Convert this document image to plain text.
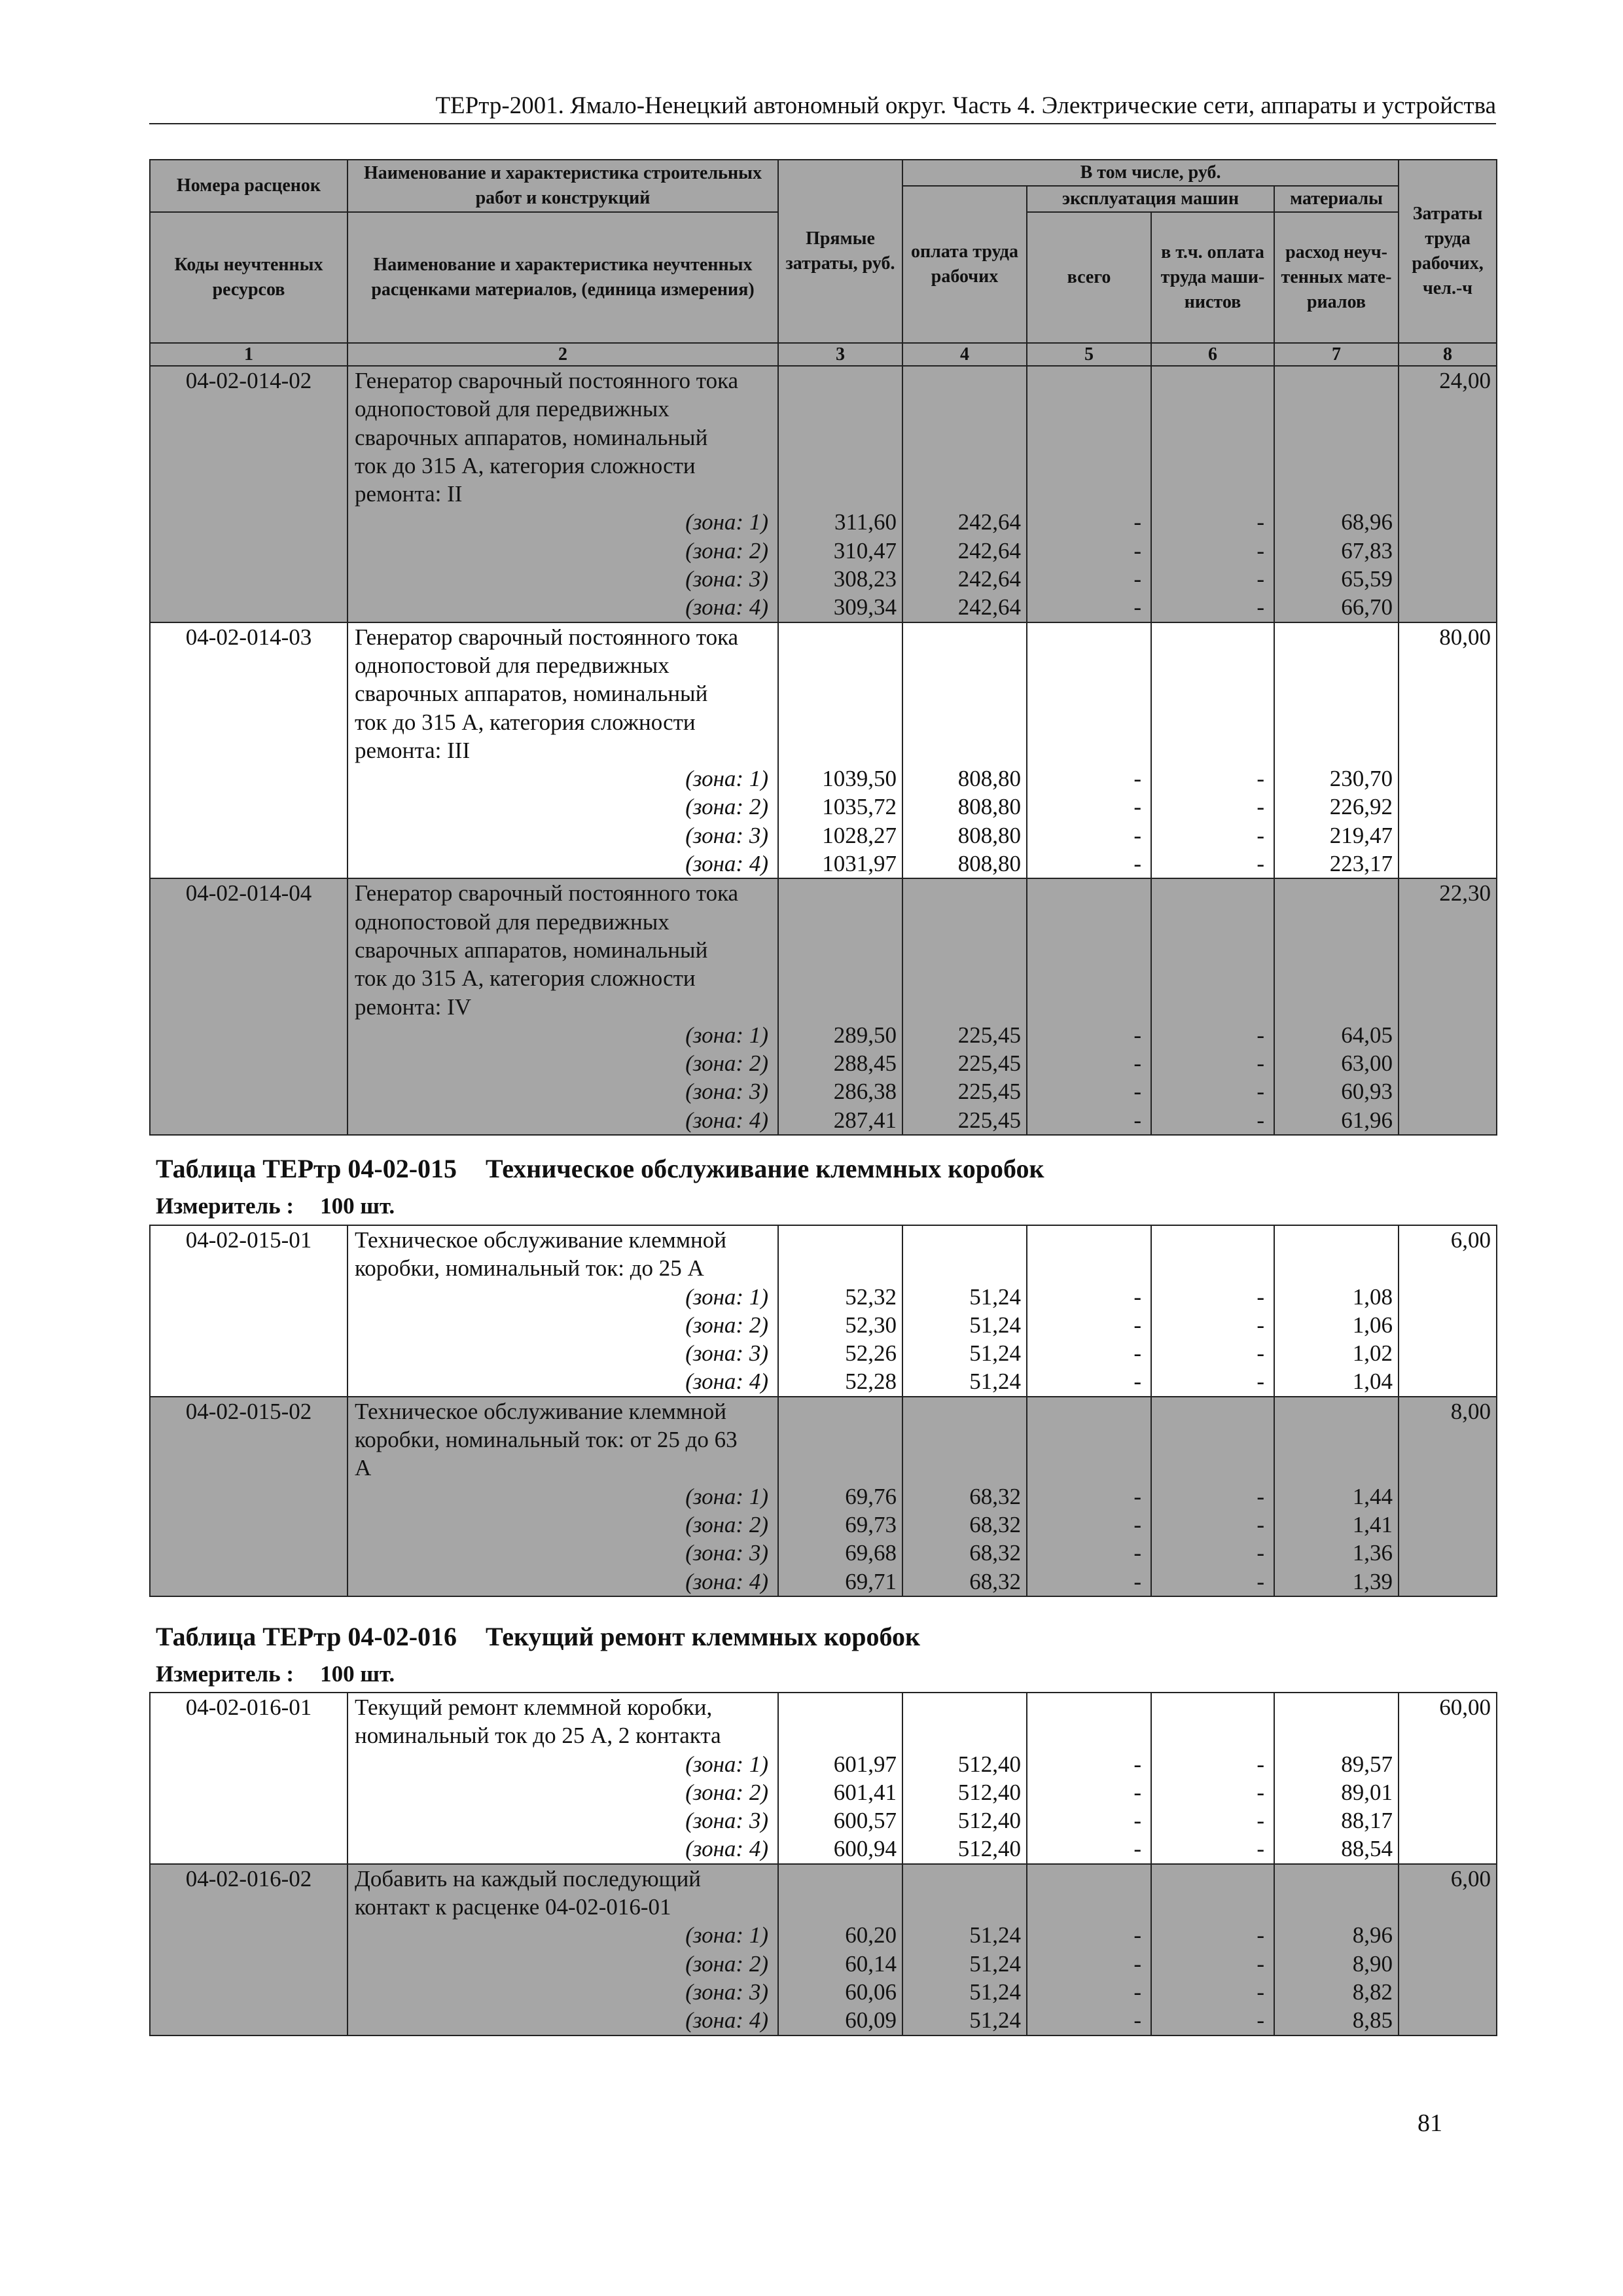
ТЕРтр-2001. Ямало-Ненецкий автономный округ. Часть 4. Электрические сети, аппараты и устройства
Номера расценок	Наименование и характеристика строительных работ и конструкций	Прямые затраты, руб.	В том числе, руб.				Затраты труда рабочих, чел.-ч
			оплата труда рабочих	эксплуатация машин		материалы	
Коды неучтенных ресурсов	Наименование и характеристика неучтенных расценками материалов, (единица измерения)			всего	в т.ч. оплата труда маши-нистов	расход неуч-тенных мате-риалов	

1	2	3	4	5	6	7	8
04-02-014-02	Генератор сварочный постоянного тока						24,00
	однопостовой для передвижных						
	сварочных аппаратов, номинальный						
	ток до 315 А, категория сложности						
	ремонта: II						
	(зона: 1)	311,60	242,64	-	-	68,96	
	(зона: 2)	310,47	242,64	-	-	67,83	
	(зона: 3)	308,23	242,64	-	-	65,59	
	(зона: 4)	309,34	242,64	-	-	66,70	
04-02-014-03	Генератор сварочный постоянного тока						80,00
	однопостовой для передвижных						
	сварочных аппаратов, номинальный						
	ток до 315 А, категория сложности						
	ремонта: III						
	(зона: 1)	1039,50	808,80	-	-	230,70	
	(зона: 2)	1035,72	808,80	-	-	226,92	
	(зона: 3)	1028,27	808,80	-	-	219,47	
	(зона: 4)	1031,97	808,80	-	-	223,17	
04-02-014-04	Генератор сварочный постоянного тока						22,30
	однопостовой для передвижных						
	сварочных аппаратов, номинальный						
	ток до 315 А, категория сложности						
	ремонта: IV						
	(зона: 1)	289,50	225,45	-	-	64,05	
	(зона: 2)	288,45	225,45	-	-	63,00	
	(зона: 3)	286,38	225,45	-	-	60,93	
	(зона: 4)	287,41	225,45	-	-	61,96	
Таблица ТЕРтр 04-02-015 Техническое обслуживание клеммных коробок
Измеритель : 100 шт.
04-02-015-01	Техническое обслуживание клеммной						6,00
	коробки, номинальный ток: до 25 А						
	(зона: 1)	52,32	51,24	-	-	1,08	
	(зона: 2)	52,30	51,24	-	-	1,06	
	(зона: 3)	52,26	51,24	-	-	1,02	
	(зона: 4)	52,28	51,24	-	-	1,04	
04-02-015-02	Техническое обслуживание клеммной						8,00
	коробки, номинальный ток: от 25 до 63						
	А						
	(зона: 1)	69,76	68,32	-	-	1,44	
	(зона: 2)	69,73	68,32	-	-	1,41	
	(зона: 3)	69,68	68,32	-	-	1,36	
	(зона: 4)	69,71	68,32	-	-	1,39	
Таблица ТЕРтр 04-02-016 Текущий ремонт клеммных коробок
Измеритель : 100 шт.
04-02-016-01	Текущий ремонт клеммной коробки,						60,00
	номинальный ток до 25 А, 2 контакта						
	(зона: 1)	601,97	512,40	-	-	89,57	
	(зона: 2)	601,41	512,40	-	-	89,01	
	(зона: 3)	600,57	512,40	-	-	88,17	
	(зона: 4)	600,94	512,40	-	-	88,54	
04-02-016-02	Добавить на каждый последующий						6,00
	контакт к расценке 04-02-016-01						
	(зона: 1)	60,20	51,24	-	-	8,96	
	(зона: 2)	60,14	51,24	-	-	8,90	
	(зона: 3)	60,06	51,24	-	-	8,82	
	(зона: 4)	60,09	51,24	-	-	8,85	
81
